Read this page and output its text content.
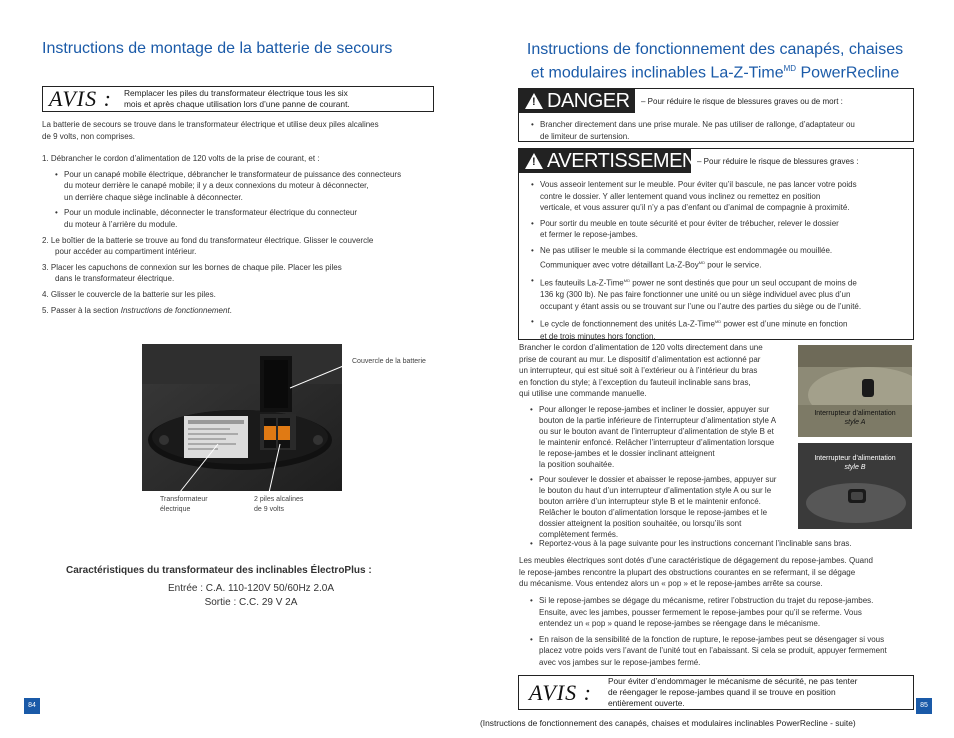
Instructions de montage de la batterie de secours
AVIS :	Remplacer les piles du transformateur électrique tous les six
mois et après chaque utilisation lors d’une panne de courant.
La batterie de secours se trouve dans le transformateur électrique et utilise deux piles alcalines
de 9 volts, non comprises.
1. Débrancher le cordon d’alimentation de 120 volts de la prise de courant, et :
• Pour un canapé mobile électrique, débrancher le transformateur de puissance des connecteurs
du moteur derrière le canapé mobile; il y a deux connexions du moteur à déconnecter,
un derrière chaque siège inclinable à déconnecter.
• Pour un module inclinable, déconnecter le transformateur électrique du connecteur
du moteur à l’arrière du module.
2. Le boîtier de la batterie se trouve au fond du transformateur électrique. Glisser le couvercle
pour accéder au compartiment intérieur.
3. Placer les capuchons de connexion sur les bornes de chaque pile. Placer les piles
dans le transformateur électrique.
4. Glisser le couvercle de la batterie sur les piles.
5. Passer à la section Instructions de fonctionnement.
Couvercle de la batterie
Transformateur
électrique
2 piles alcalines
de 9 volts
Caractéristiques du transformateur des inclinables ÉlectroPlus :
Entrée : C.A. 110-120V 50/60Hz 2.0A
Sortie : C.C. 29 V 2A
84
Instructions de fonctionnement des canapés, chaises
et modulaires inclinables La-Z-Time$^{MD}$ PowerRecline
! DANGER	– Pour réduire le risque de blessures graves ou de mort :
• Brancher directement dans une prise murale. Ne pas utiliser de rallonge, d’adaptateur ou
de limiteur de surtension.
! AVERTISSEMENT
– Pour réduire le risque de blessures graves :
• Vous asseoir lentement sur le meuble. Pour éviter qu’il bascule, ne pas lancer votre poids
contre le dossier. Y aller lentement quand vous inclinez ou remettez en position
verticale, et vous assurer qu’il n’y a pas d’enfant ou d’animal de compagnie à proximité.
• Pour sortir du meuble en toute sécurité et pour éviter de trébucher, relever le dossier
et fermer le repose-jambes.
• Ne pas utiliser le meuble si la commande électrique est endommagée ou mouillée.
Communiquer avec votre détaillant La-Z-Boy$^{MD}$ pour le service.
• Les fauteuils La-Z-Time$^{MD}$ power ne sont destinés que pour un seul occupant de moins de
136 kg (300 lb). Ne pas faire fonctionner une unité ou un siège individuel avec plus d’un
occupant y étant assis ou se trouvant sur l’une ou l’autre des parties du siège ou de l’unité.
• Le cycle de fonctionnement des unités La-Z-Time$^{MD}$ power est d’une minute en fonction
et de trois minutes hors fonction.
Brancher le cordon d’alimentation de 120 volts directement dans une
prise de courant au mur. Le dispositif d’alimentation est actionné par
un interrupteur, qui est situé soit à l’extérieur ou à l’intérieur du bras
en fonction du style; à l’exception du fauteuil inclinable sans bras,
qui utilise une commande manuelle.
• Pour allonger le repose-jambes et incliner le dossier, appuyer sur
bouton de la partie inférieure de l’interrupteur d’alimentation style A
ou sur le bouton avant de l’interrupteur d’alimentation de style B et
le maintenir enfoncé. Relâcher l’interrupteur d’alimentation lorsque
le repose-jambes et le dossier inclinant atteignent
la position souhaitée.
• Pour soulever le dossier et abaisser le repose-jambes, appuyer sur
le bouton du haut d’un interrupteur d’alimentation style A ou sur le
bouton arrière d’un interrupteur style B et le maintenir enfoncé.
Relâcher le bouton d’alimentation lorsque le repose-jambes et le
dossier atteignent la position souhaitée, ou lorsqu’ils sont
complètement fermés.
• Reportez-vous à la page suivante pour les instructions concernant l’inclinable sans bras.
Interrupteur d’alimentation
style A
Interrupteur d’alimentation
style B
Les meubles électriques sont dotés d’une caractéristique de dégagement du repose-jambes. Quand
le repose-jambes rencontre la plupart des obstructions courantes en se refermant, il se dégage
du mécanisme. Vous entendez alors un « pop » et le repose-jambes arrête sa course.
• Si le repose-jambes se dégage du mécanisme, retirer l’obstruction du trajet du repose-jambes.
Ensuite, avec les jambes, pousser fermement le repose-jambes pour qu’il se referme. Vous
entendez un « pop » quand le repose-jambes se réengage dans le mécanisme.
• En raison de la sensibilité de la fonction de rupture, le repose-jambes peut se désengager si vous
placez votre poids vers l’avant de l’unité tout en l’abaissant. Si cela se produit, appuyer fermement
avec vos jambes sur le repose-jambes fermé.
AVIS :	Pour éviter d’endommager le mécanisme de sécurité, ne pas tenter
de réengager le repose-jambes quand il se trouve en position
entièrement ouverte.	85
(Instructions de fonctionnement des canapés, chaises et modulaires inclinables PowerRecline - suite)
